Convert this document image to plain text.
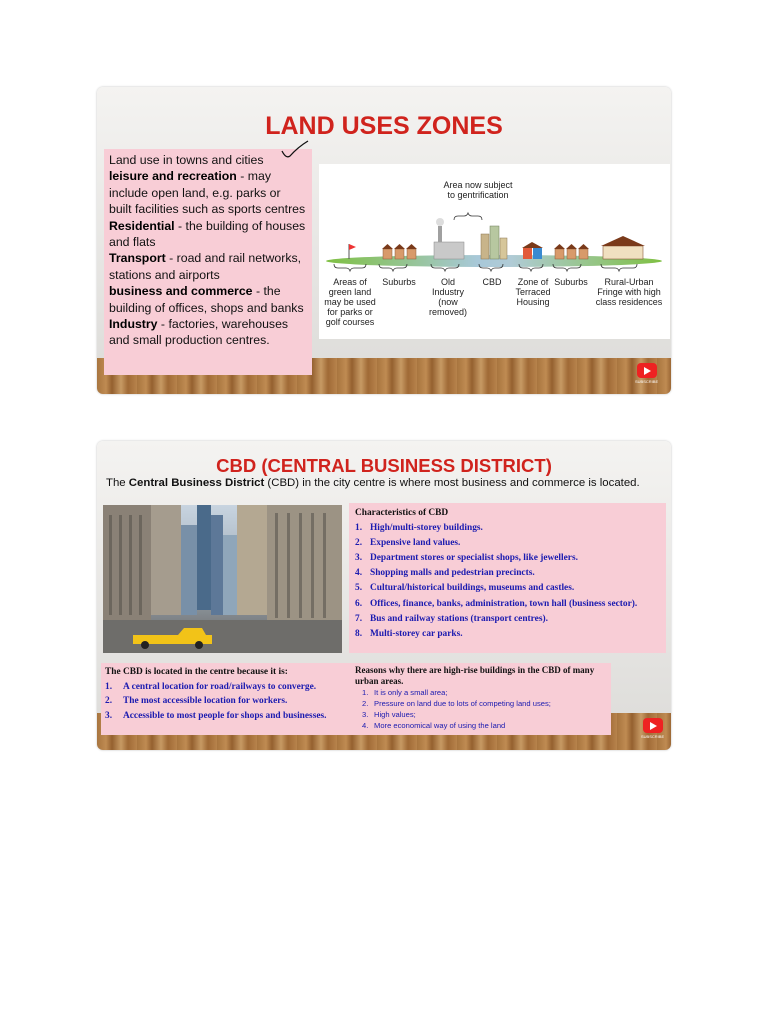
LAND USES ZONES

Land use in towns and cities

leisure and recreation - may include open land, e.g. parks or built facilities such as sports centres

Residential - the building of houses and flats

Transport - road and rail networks, stations and airports

business and commerce - the building of offices, shops and banks

Industry - factories, warehouses and small production centres.

Area now subject to gentrification
Areas of green land may be used for parks or golf courses
Suburbs	Old Industry (now removed)
CBD	Zone of Terraced Housing
Suburbs	Rural-Urban Fringe with high class residences
SUBSCRIBE
CBD (CENTRAL BUSINESS DISTRICT)
The Central Business District (CBD) in the city centre is where most business and commerce is located.
Characteristics of CBD
1. High/multi-storey buildings.
2. Expensive land values.
3. Department stores or specialist shops, like jewellers.
4. Shopping malls and pedestrian precincts.
5. Cultural/historical buildings, museums and castles.
6. Offices, finance, banks, administration, town hall (business sector).
7. Bus and railway stations (transport centres).
8. Multi-storey car parks.
The CBD is located in the centre because it is:
1. A central location for road/railways to converge.
2. The most accessible location for workers.
3. Accessible to most people for shops and businesses.
Reasons why there are high-rise buildings in the CBD of many urban areas.
1. It is only a small area;
2. Pressure on land due to lots of competing land uses;
3. High values;
4. More economical way of using the land
SUBSCRIBE
